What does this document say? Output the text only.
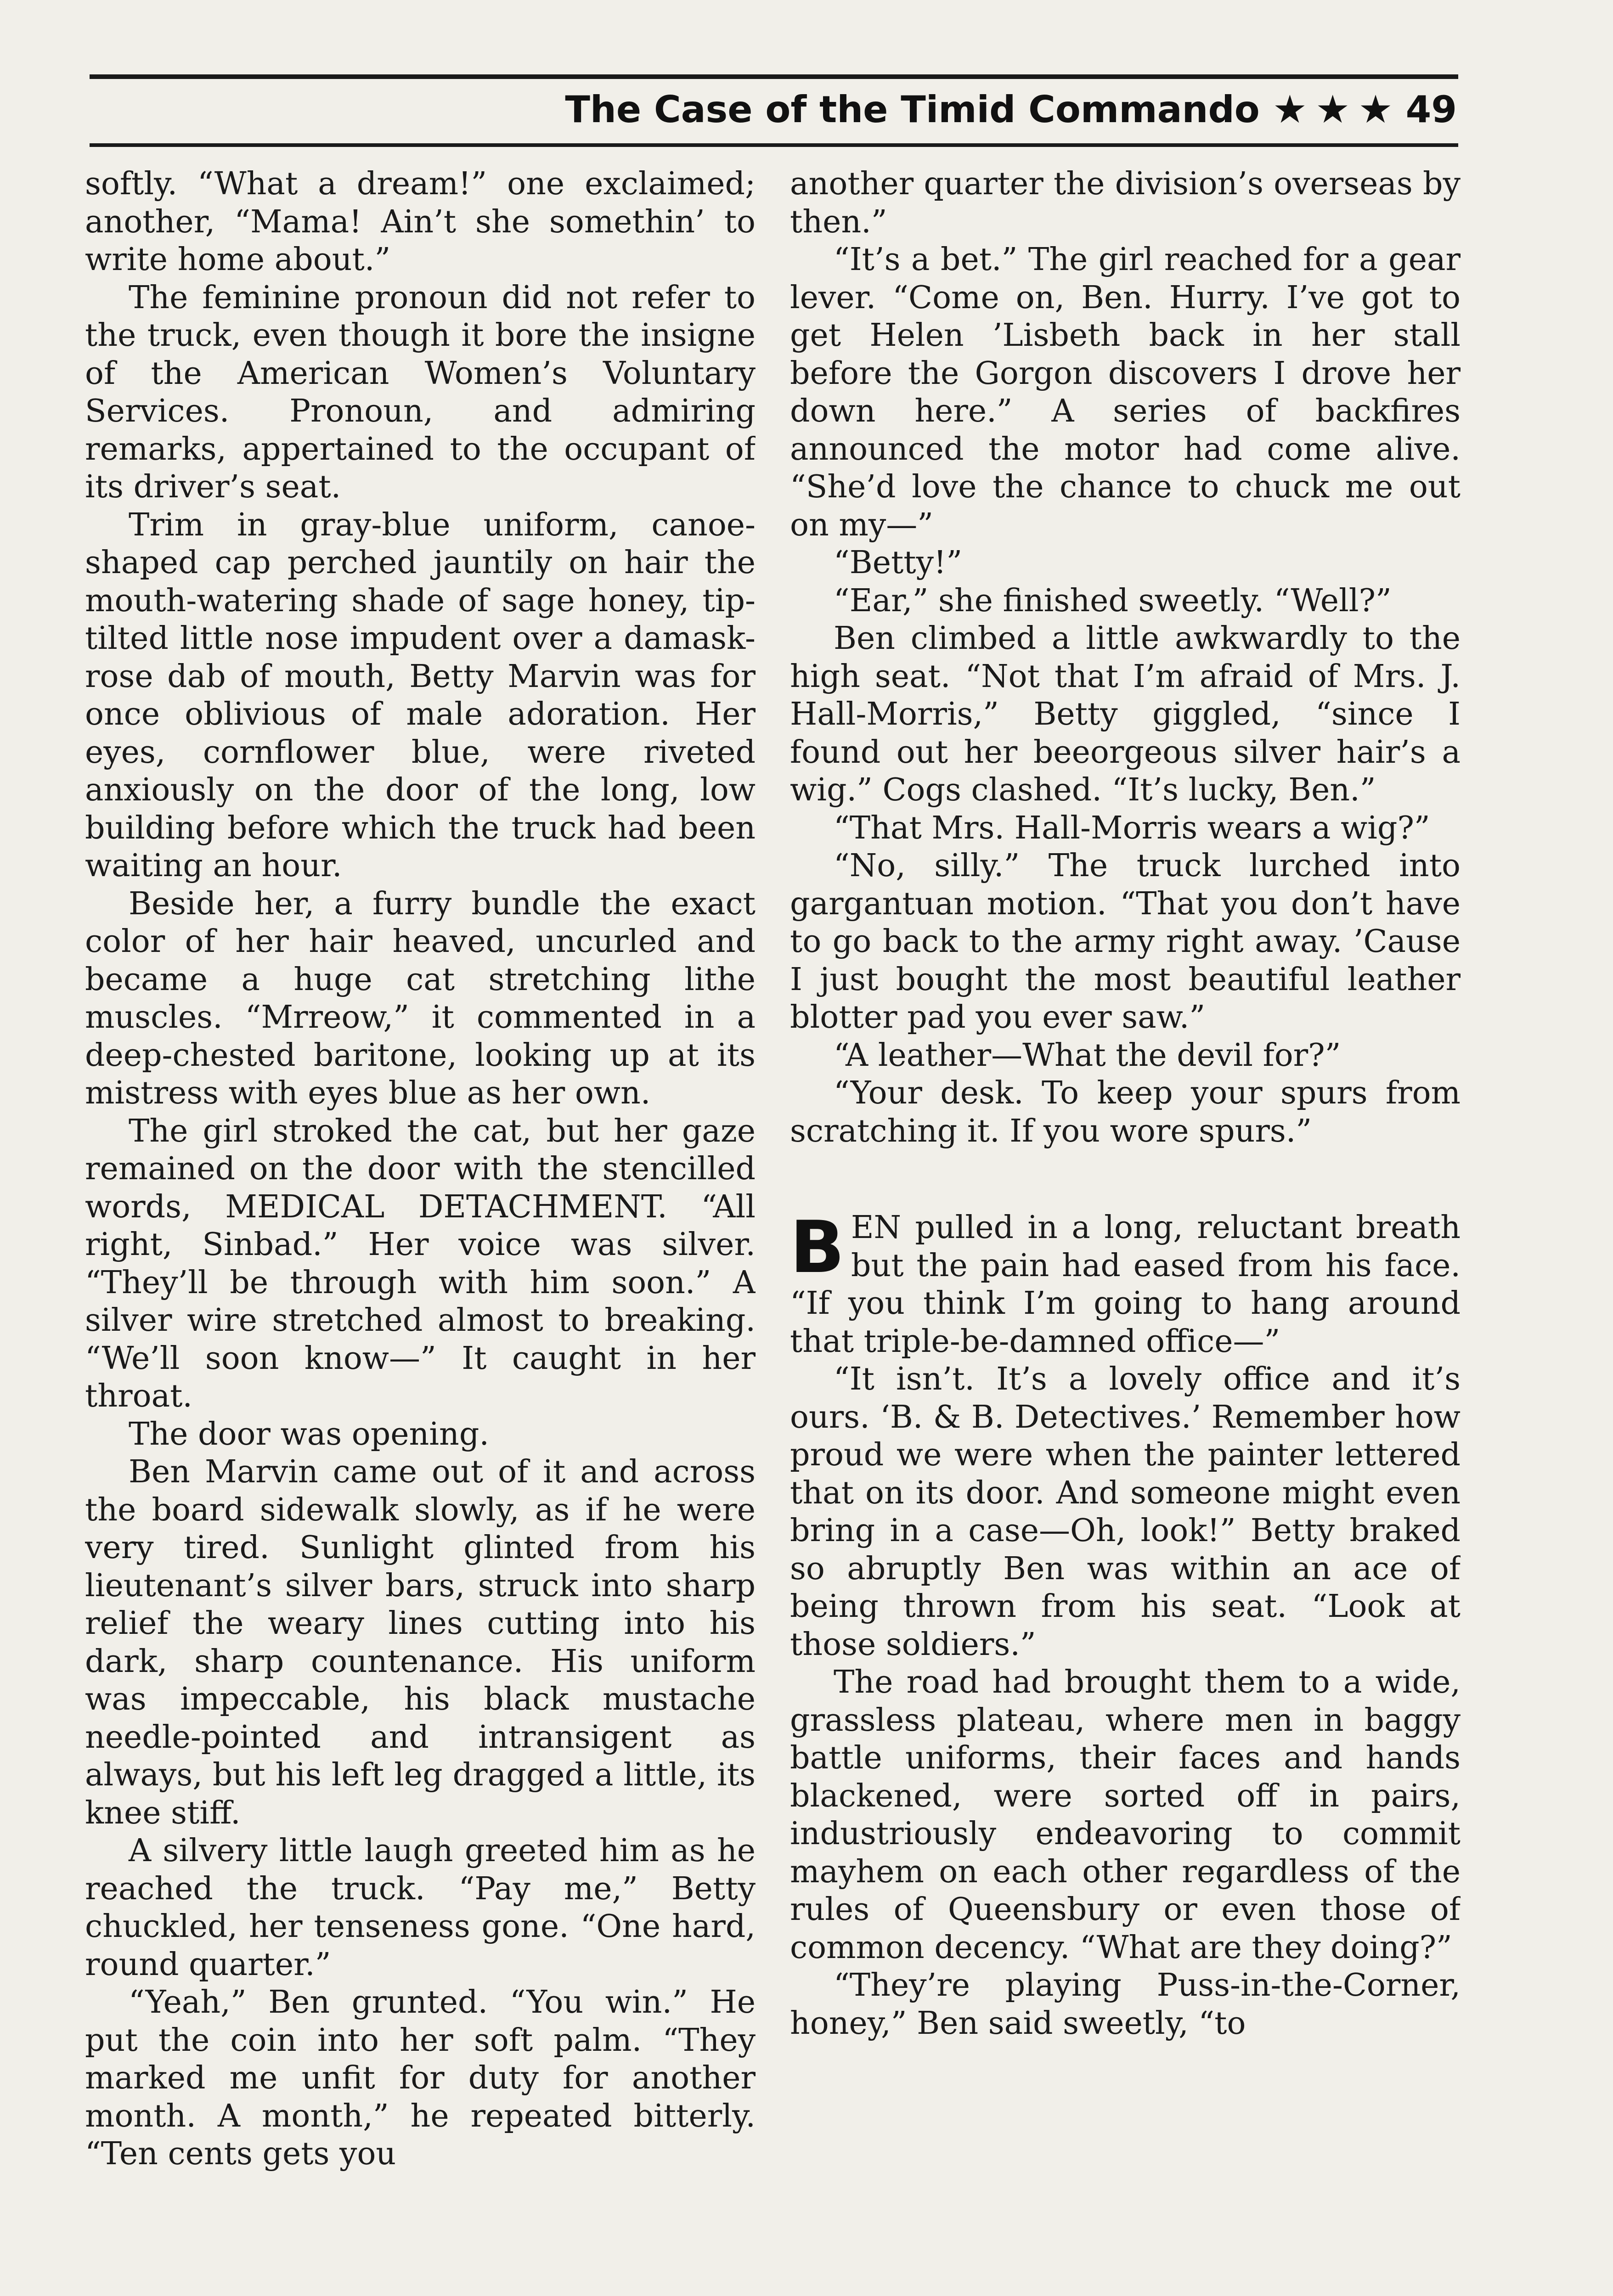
The Case of the Timid Commando ★ ★ ★ 49

softly. “What a dream!” one exclaimed; another, “Mama! Ain’t she somethin’ to write home about.”

The feminine pronoun did not refer to the truck, even though it bore the insigne of the American Women’s Voluntary Services. Pronoun, and admiring remarks, appertained to the occupant of its driver’s seat.

Trim in gray-blue uniform, canoe-shaped cap perched jauntily on hair the mouth-watering shade of sage honey, tip-tilted little nose impudent over a damask-rose dab of mouth, Betty Marvin was for once oblivious of male adoration. Her eyes, cornflower blue, were riveted anxiously on the door of the long, low building before which the truck had been waiting an hour.

Beside her, a furry bundle the exact color of her hair heaved, uncurled and became a huge cat stretching lithe muscles. “Mrreow,” it commented in a deep-chested baritone, looking up at its mistress with eyes blue as her own.

The girl stroked the cat, but her gaze remained on the door with the stencilled words, MEDICAL DETACHMENT. “All right, Sinbad.” Her voice was silver. “They’ll be through with him soon.” A silver wire stretched almost to breaking. “We’ll soon know—” It caught in her throat.

The door was opening.

Ben Marvin came out of it and across the board sidewalk slowly, as if he were very tired. Sunlight glinted from his lieutenant’s silver bars, struck into sharp relief the weary lines cutting into his dark, sharp countenance. His uniform was impeccable, his black mustache needle-pointed and intransigent as always, but his left leg dragged a little, its knee stiff.

A silvery little laugh greeted him as he reached the truck. “Pay me,” Betty chuckled, her tenseness gone. “One hard, round quarter.”

“Yeah,” Ben grunted. “You win.” He put the coin into her soft palm. “They marked me unfit for duty for another month. A month,” he repeated bitterly. “Ten cents gets you

another quarter the division’s overseas by then.”

“It’s a bet.” The girl reached for a gear lever. “Come on, Ben. Hurry. I’ve got to get Helen ’Lisbeth back in her stall before the Gorgon discovers I drove her down here.” A series of backfires announced the motor had come alive. “She’d love the chance to chuck me out on my—”

“Betty!”

“Ear,” she finished sweetly. “Well?”

Ben climbed a little awkwardly to the high seat. “Not that I’m afraid of Mrs. J. Hall-Morris,” Betty giggled, “since I found out her beeorgeous silver hair’s a wig.” Cogs clashed. “It’s lucky, Ben.”

“That Mrs. Hall-Morris wears a wig?”

“No, silly.” The truck lurched into gargantuan motion. “That you don’t have to go back to the army right away. ’Cause I just bought the most beautiful leather blotter pad you ever saw.”

“A leather—What the devil for?”

“Your desk. To keep your spurs from scratching it. If you wore spurs.”

B EN pulled in a long, reluctant breath but the pain had eased from his face. “If you think I’m going to hang around that triple-be-damned office—”

“It isn’t. It’s a lovely office and it’s ours. ‘B. & B. Detectives.’ Remember how proud we were when the painter lettered that on its door. And someone might even bring in a case—Oh, look!” Betty braked so abruptly Ben was within an ace of being thrown from his seat. “Look at those soldiers.”

The road had brought them to a wide, grassless plateau, where men in baggy battle uniforms, their faces and hands blackened, were sorted off in pairs, industriously endeavoring to commit mayhem on each other regardless of the rules of Queensbury or even those of common decency. “What are they doing?”

“They’re playing Puss-in-the-Corner, honey,” Ben said sweetly, “to
